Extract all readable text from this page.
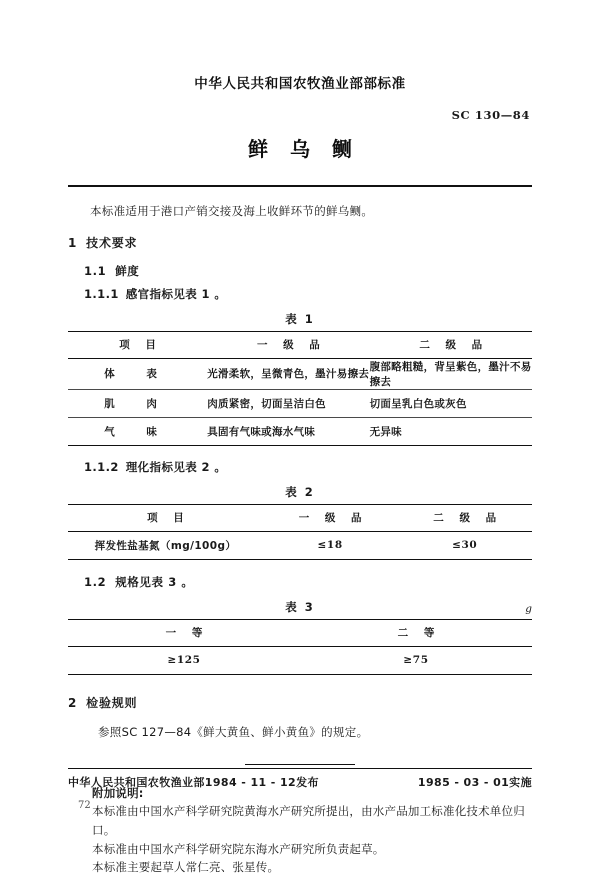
中华人民共和国农牧渔业部部标准
SC 130—84
鲜乌鲗
本标准适用于港口产销交接及海上收鲜环节的鲜乌鲗。
1 技术要求
1.1 鲜度
1.1.1 感官指标见表 1 。
表 1
项 目	一 级 品	二 级 品
体 表	光滑柔软，呈微青色，墨汁易擦去	腹部略粗糙，背呈紫色，墨汁不易擦去
肌 肉	肉质紧密，切面呈洁白色	切面呈乳白色或灰色
气 味	具固有气味或海水气味	无异味
1.1.2 理化指标见表 2 。
表 2
项 目	一 级 品	二 级 品
挥发性盐基氮（mg/100g）	≤18	≤30
1.2 规格见表 3 。
表 3	g
一 等	二 等
≥125	≥75
2 检验规则
参照SC 127—84《鲜大黄鱼、鲜小黄鱼》的规定。
附加说明:
本标准由中国水产科学研究院黄海水产研究所提出，由水产品加工标准化技术单位归口。
本标准由中国水产科学研究院东海水产研究所负责起草。
本标准主要起草人常仁亮、张星传。
中华人民共和国农牧渔业部1984 - 11 - 12发布	1985 - 03 - 01实施
72
